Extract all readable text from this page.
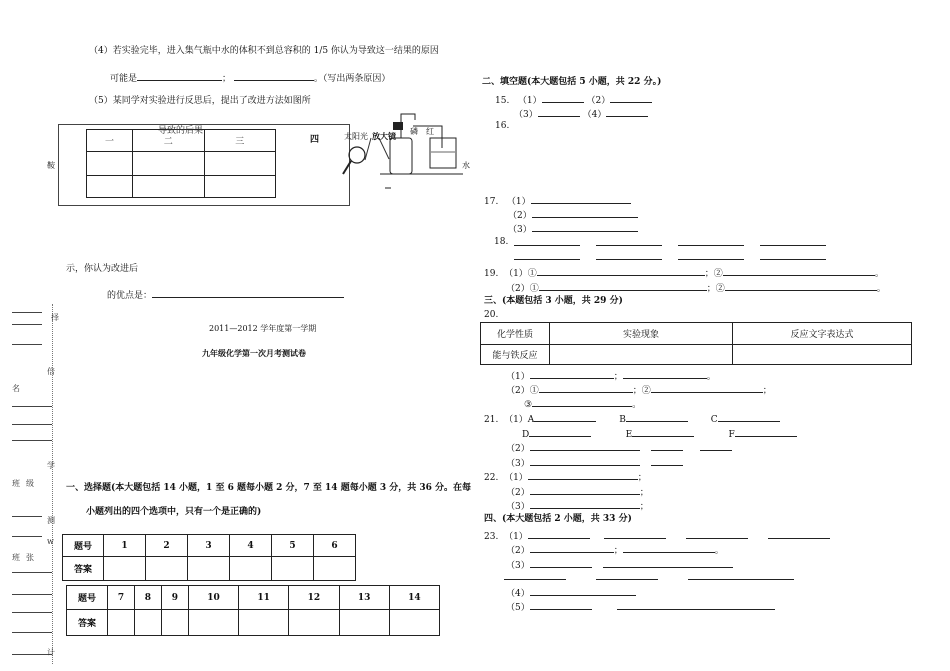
（4）若实验完毕，进入集气瓶中水的体积不到总容积的 1/5 你认为导致这一结果的原因
可能是	；	。（写出两条原因）
（5）某同学对实验进行反思后，提出了改进方法如图所
一	二	三

导致的后果
四
鞍
太阳光 放大镜 磷 红
水
示，你认为改进后
的优点是：
2011—2012 学年度第一学期
九年级化学第一次月考测试卷
一、选择题(本大题包括 14 小题，1 至 6 题每小题 2 分，7 至 14 题每小题 3 分，共 36 分。在每
小题列出的四个选项中，只有一个是正确的)
题号	1	2	3	4	5	6
答案						
题号	7	8	9	10	11	12	13	14
答案								
择
倍
名
班
学
级
测
班 张
计
w
二、填空题(本大题包括 5 小题，共 22 分。)
15. （1）	（2）
（3）	（4）
16.
17. （1）
（2）
（3）
18.
19. （1）①	；②	。
（2）①	；②	。
三、(本题包括 3 小题，共 29 分)
20.
化学性质	实验现象	反应文字表达式
能与铁反应		
（1）	；	。
（2）①	；②	；
③	。
21. （1）A	B	C
D	E	F
（2）
（3）
22. （1）	；
（2）	；
（3）	；
四、(本大题包括 2 小题，共 33 分)
23. （1）
（2）	；	。
（3）
（4）
（5）
